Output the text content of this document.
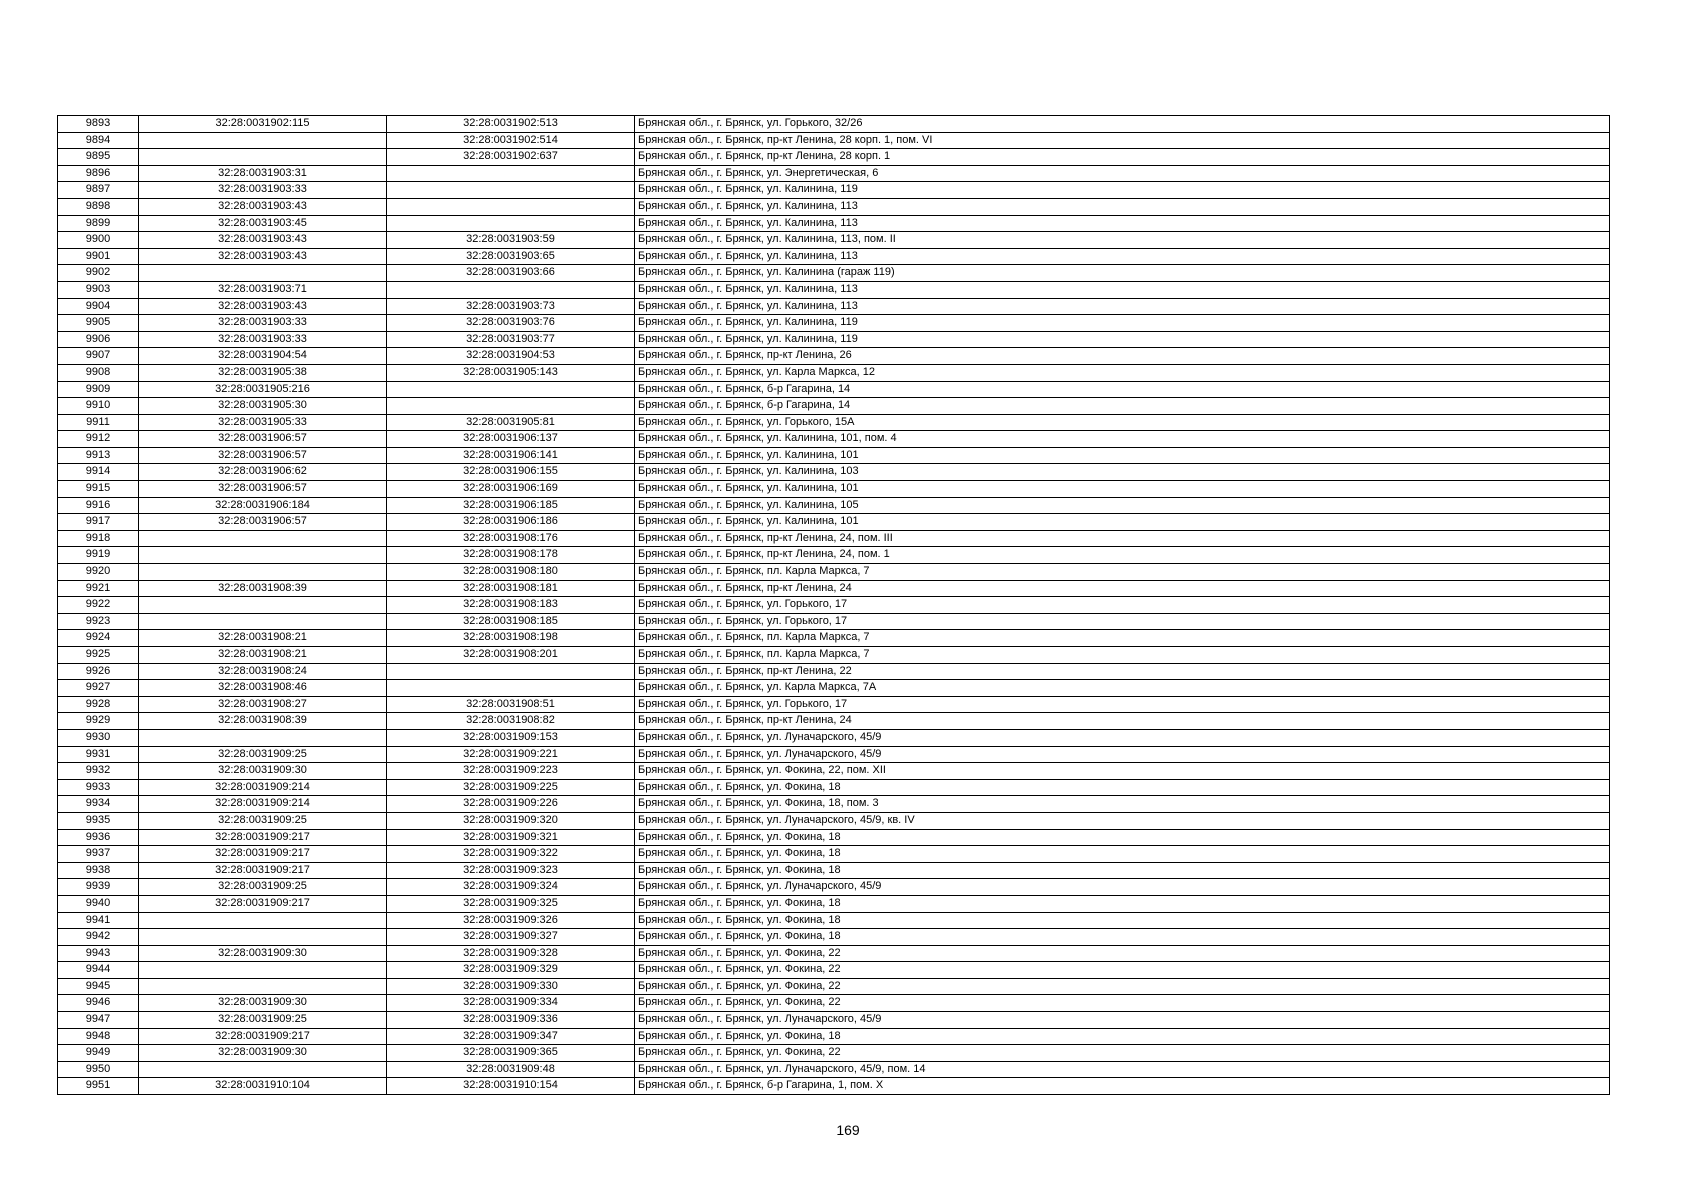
9893	32:28:0031902:115	32:28:0031902:513	Брянская обл., г. Брянск, ул. Горького, 32/26
9894		32:28:0031902:514	Брянская обл., г. Брянск, пр-кт Ленина, 28 корп. 1, пом. VI
9895		32:28:0031902:637	Брянская обл., г. Брянск, пр-кт Ленина, 28 корп. 1
9896	32:28:0031903:31		Брянская обл., г. Брянск, ул. Энергетическая, 6
9897	32:28:0031903:33		Брянская обл., г. Брянск, ул. Калинина, 119
9898	32:28:0031903:43		Брянская обл., г. Брянск, ул. Калинина, 113
9899	32:28:0031903:45		Брянская обл., г. Брянск, ул. Калинина, 113
9900	32:28:0031903:43	32:28:0031903:59	Брянская обл., г. Брянск, ул. Калинина, 113, пом. II
9901	32:28:0031903:43	32:28:0031903:65	Брянская обл., г. Брянск, ул. Калинина, 113
9902		32:28:0031903:66	Брянская обл., г. Брянск, ул. Калинина (гараж 119)
9903	32:28:0031903:71		Брянская обл., г. Брянск, ул. Калинина, 113
9904	32:28:0031903:43	32:28:0031903:73	Брянская обл., г. Брянск, ул. Калинина, 113
9905	32:28:0031903:33	32:28:0031903:76	Брянская обл., г. Брянск, ул. Калинина, 119
9906	32:28:0031903:33	32:28:0031903:77	Брянская обл., г. Брянск, ул. Калинина, 119
9907	32:28:0031904:54	32:28:0031904:53	Брянская обл., г. Брянск, пр-кт Ленина, 26
9908	32:28:0031905:38	32:28:0031905:143	Брянская обл., г. Брянск, ул. Карла Маркса, 12
9909	32:28:0031905:216		Брянская обл., г. Брянск, б-р Гагарина, 14
9910	32:28:0031905:30		Брянская обл., г. Брянск, б-р Гагарина, 14
9911	32:28:0031905:33	32:28:0031905:81	Брянская обл., г. Брянск, ул. Горького, 15А
9912	32:28:0031906:57	32:28:0031906:137	Брянская обл., г. Брянск, ул. Калинина, 101, пом. 4
9913	32:28:0031906:57	32:28:0031906:141	Брянская обл., г. Брянск, ул. Калинина, 101
9914	32:28:0031906:62	32:28:0031906:155	Брянская обл., г. Брянск, ул. Калинина, 103
9915	32:28:0031906:57	32:28:0031906:169	Брянская обл., г. Брянск, ул. Калинина, 101
9916	32:28:0031906:184	32:28:0031906:185	Брянская обл., г. Брянск, ул. Калинина, 105
9917	32:28:0031906:57	32:28:0031906:186	Брянская обл., г. Брянск, ул. Калинина, 101
9918		32:28:0031908:176	Брянская обл., г. Брянск, пр-кт Ленина, 24, пом. III
9919		32:28:0031908:178	Брянская обл., г. Брянск, пр-кт Ленина, 24, пом. 1
9920		32:28:0031908:180	Брянская обл., г. Брянск, пл. Карла Маркса, 7
9921	32:28:0031908:39	32:28:0031908:181	Брянская обл., г. Брянск, пр-кт Ленина, 24
9922		32:28:0031908:183	Брянская обл., г. Брянск, ул. Горького, 17
9923		32:28:0031908:185	Брянская обл., г. Брянск, ул. Горького, 17
9924	32:28:0031908:21	32:28:0031908:198	Брянская обл., г. Брянск, пл. Карла Маркса, 7
9925	32:28:0031908:21	32:28:0031908:201	Брянская обл., г. Брянск, пл. Карла Маркса, 7
9926	32:28:0031908:24		Брянская обл., г. Брянск, пр-кт Ленина, 22
9927	32:28:0031908:46		Брянская обл., г. Брянск, ул. Карла Маркса, 7А
9928	32:28:0031908:27	32:28:0031908:51	Брянская обл., г. Брянск, ул. Горького, 17
9929	32:28:0031908:39	32:28:0031908:82	Брянская обл., г. Брянск, пр-кт Ленина, 24
9930		32:28:0031909:153	Брянская обл., г. Брянск, ул. Луначарского, 45/9
9931	32:28:0031909:25	32:28:0031909:221	Брянская обл., г. Брянск, ул. Луначарского, 45/9
9932	32:28:0031909:30	32:28:0031909:223	Брянская обл., г. Брянск, ул. Фокина, 22, пом. XII
9933	32:28:0031909:214	32:28:0031909:225	Брянская обл., г. Брянск, ул. Фокина, 18
9934	32:28:0031909:214	32:28:0031909:226	Брянская обл., г. Брянск, ул. Фокина, 18, пом. 3
9935	32:28:0031909:25	32:28:0031909:320	Брянская обл., г. Брянск, ул. Луначарского, 45/9, кв. IV
9936	32:28:0031909:217	32:28:0031909:321	Брянская обл., г. Брянск, ул. Фокина, 18
9937	32:28:0031909:217	32:28:0031909:322	Брянская обл., г. Брянск, ул. Фокина, 18
9938	32:28:0031909:217	32:28:0031909:323	Брянская обл., г. Брянск, ул. Фокина, 18
9939	32:28:0031909:25	32:28:0031909:324	Брянская обл., г. Брянск, ул. Луначарского, 45/9
9940	32:28:0031909:217	32:28:0031909:325	Брянская обл., г. Брянск, ул. Фокина, 18
9941		32:28:0031909:326	Брянская обл., г. Брянск, ул. Фокина, 18
9942		32:28:0031909:327	Брянская обл., г. Брянск, ул. Фокина, 18
9943	32:28:0031909:30	32:28:0031909:328	Брянская обл., г. Брянск, ул. Фокина, 22
9944		32:28:0031909:329	Брянская обл., г. Брянск, ул. Фокина, 22
9945		32:28:0031909:330	Брянская обл., г. Брянск, ул. Фокина, 22
9946	32:28:0031909:30	32:28:0031909:334	Брянская обл., г. Брянск, ул. Фокина, 22
9947	32:28:0031909:25	32:28:0031909:336	Брянская обл., г. Брянск, ул. Луначарского, 45/9
9948	32:28:0031909:217	32:28:0031909:347	Брянская обл., г. Брянск, ул. Фокина, 18
9949	32:28:0031909:30	32:28:0031909:365	Брянская обл., г. Брянск, ул. Фокина, 22
9950		32:28:0031909:48	Брянская обл., г. Брянск, ул. Луначарского, 45/9, пом. 14
9951	32:28:0031910:104	32:28:0031910:154	Брянская обл., г. Брянск, б-р Гагарина, 1, пом. X
169
